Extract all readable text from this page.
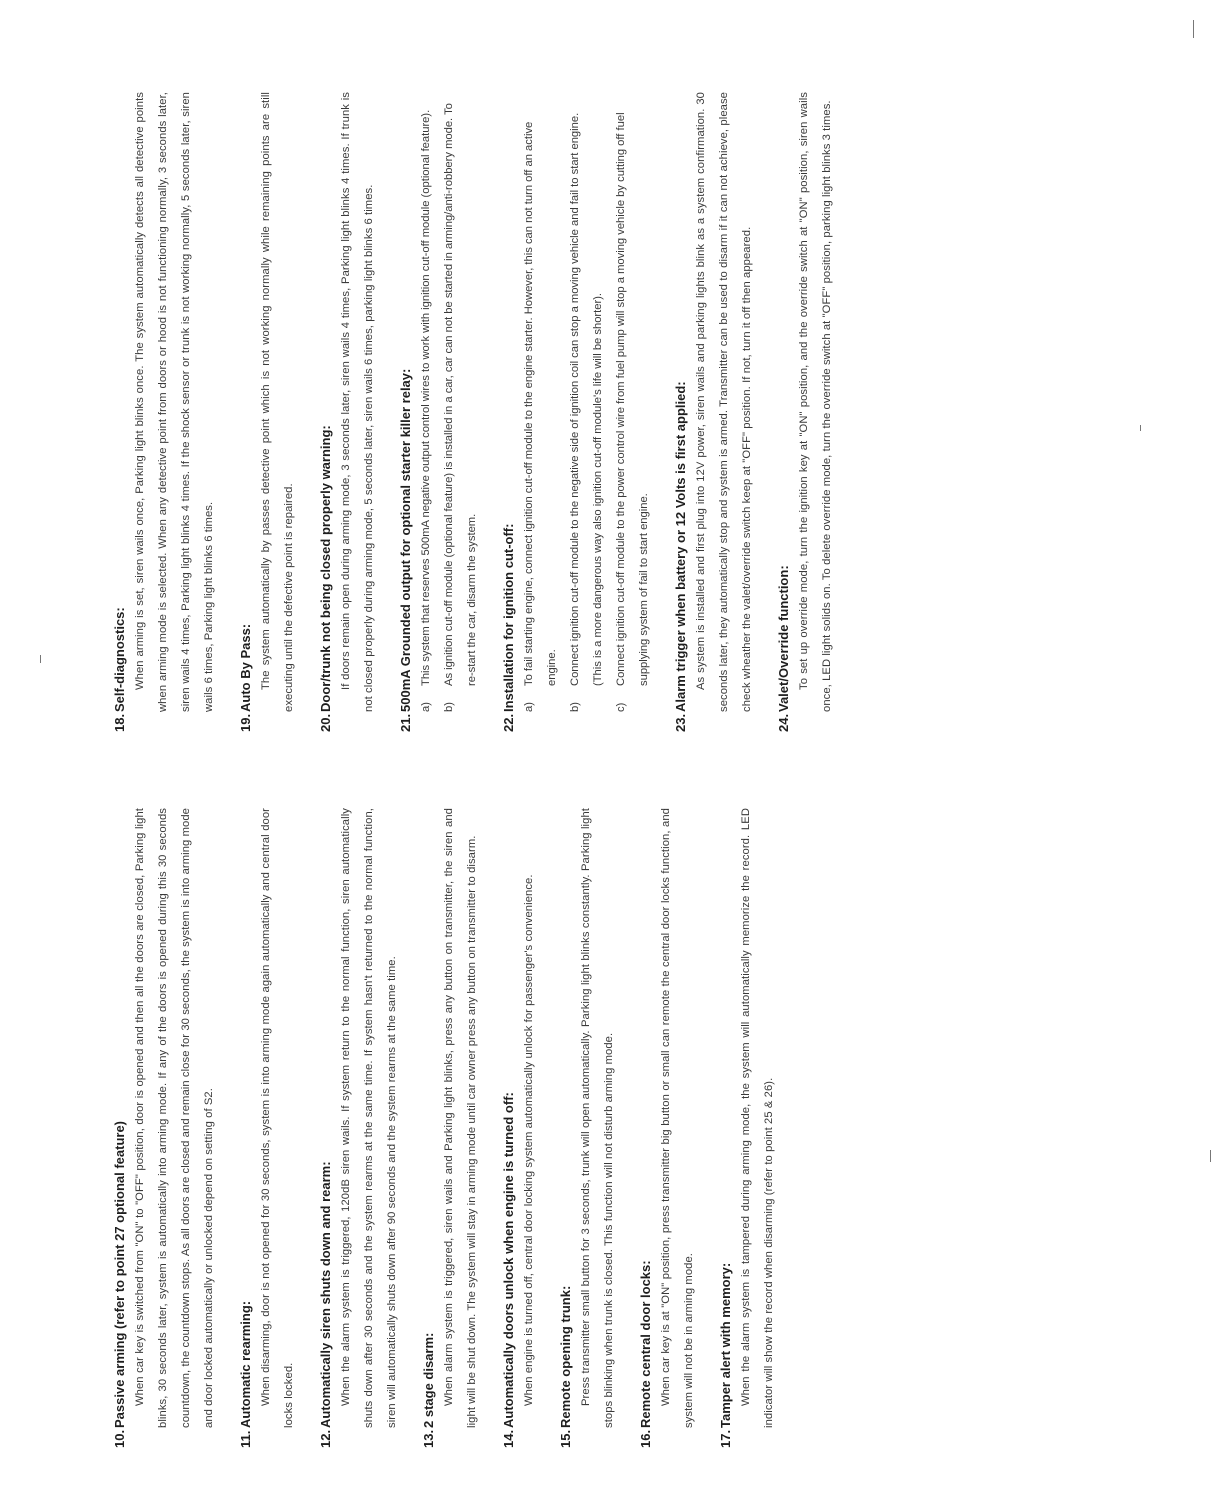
10.Passive arming (refer to point 27 optional feature) When car key is switched from "ON" to "OFF" position, door is opened and then all the doors are closed, Parking light blinks, 30 seconds later, system is automatically into arming mode. If any of the doors is opened during this 30 seconds countdown, the countdown stops. As all doors are closed and remain close for 30 seconds, the system is into arming mode and door locked automatically or unlocked depend on setting of S2.

11.Automatic rearming: When disarming, door is not opened for 30 seconds, system is into arming mode again automatically and central door locks locked.

12.Automatically siren shuts down and rearm: When the alarm system is triggered, 120dB siren wails. If system return to the normal function, siren automatically shuts down after 30 seconds and the system rearms at the same time. If system hasn't returned to the normal function, siren will automatically shuts down after 90 seconds and the system rearms at the same time.

13.2 stage disarm: When alarm system is triggered, siren wails and Parking light blinks, press any button on transmitter, the siren and light will be shut down. The system will stay in arming mode until car owner press any button on transmitter to disarm.

14.Automatically doors unlock when engine is turned off: When engine is turned off, central door locking system automatically unlock for passenger's convenience.

15.Remote opening trunk: Press transmitter small button for 3 seconds, trunk will open automatically. Parking light blinks constantly. Parking light stops blinking when trunk is closed. This function will not disturb arming mode.

16.Remote central door locks: When car key is at "ON" position, press transmitter big button or small can remote the central door locks function, and system will not be in arming mode.

17.Tamper alert with memory: When the alarm system is tampered during arming mode, the system will automatically memorize the record. LED indicator will show the record when disarming (refer to point 25 & 26).

18.Self-diagnostics: When arming is set, siren wails once, Parking light blinks once. The system automatically detects all detective points when arming mode is selected. When any detective point from doors or hood is not functioning normally, 3 seconds later, siren wails 4 times, Parking light blinks 4 times. If the shock sensor or trunk is not working normally, 5 seconds later, siren wails 6 times, Parking light blinks 6 times.

19.Auto By Pass: The system automatically by passes detective point which is not working normally while remaining points are still executing until the defective point is repaired.

20.Door/trunk not being closed properly warning: If doors remain open during arming mode, 3 seconds later, siren wails 4 times, Parking light blinks 4 times. If trunk is not closed properly during arming mode, 5 seconds later, siren wails 6 times, parking light blinks 6 times.

21.500mA Grounded output for optional starter killer relay: a)
This system that reserves 500mA negative output control wires to work with ignition cut-off module (optional feature).
b)
As ignition cut-off module (optional feature) is installed in a car, car can not be started in arming/anti-robbery mode. To re-start the car, disarm the system.
22.Installation for ignition cut-off: a)
To fail starting engine, connect ignition cut-off module to the engine starter. However, this can not turn off an active engine.
b)
Connect ignition cut-off module to the negative side of ignition coil can stop a moving vehicle and fail to start engine. (This is a more dangerous way also ignition cut-off module's life will be shorter).
c)
Connect ignition cut-off module to the power control wire from fuel pump will stop a moving vehicle by cutting off fuel supplying system of fail to start engine.
23.Alarm trigger when battery or 12 Volts is first applied: As system is installed and first plug into 12V power, siren wails and parking lights blink as a system confirmation. 30 seconds later, they automatically stop and system is armed. Transmitter can be used to disarm if it can not achieve, please check wheather the valet/override switch keep at "OFF" position. If not, turn it off then appeared.

24.Valet/Override function: To set up override mode, turn the ignition key at "ON" position, and the override switch at "ON" position, siren wails once, LED light solids on. To delete override mode, turn the override switch at "OFF" position, parking light blinks 3 times.
